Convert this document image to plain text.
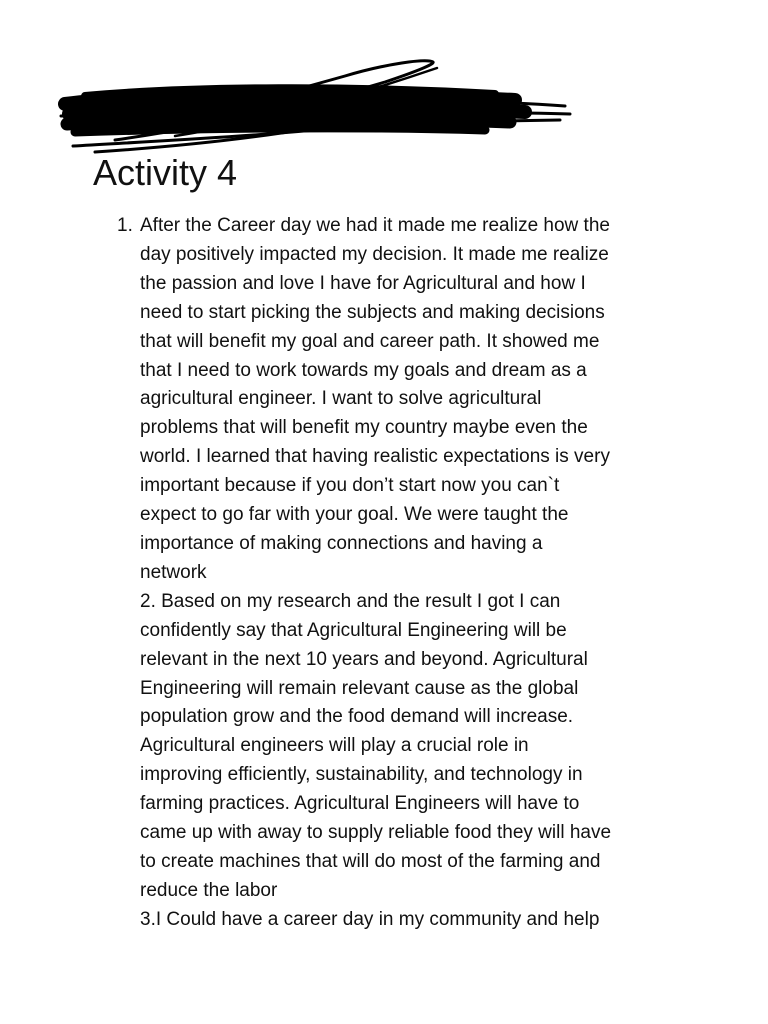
Activity 4
1. After the Career day we had it made me realize how the
day positively impacted my decision. It made me realize
the passion and love I have for Agricultural and how I
need to start picking the subjects and making decisions
that will benefit my goal and career path. It showed me
that I need to work towards my goals and dream as a
agricultural engineer. I want to solve agricultural
problems that will benefit my country maybe even the
world. I learned that having realistic expectations is very
important because if you don’t start now you can`t
expect to go far with your goal. We were taught the
importance of making connections and having a
network
2. Based on my research and the result I got I can
confidently say that Agricultural Engineering will be
relevant in the next 10 years and beyond. Agricultural
Engineering will remain relevant cause as the global
population grow and the food demand will increase.
Agricultural engineers will play a crucial role in
improving efficiently, sustainability, and technology in
farming practices. Agricultural Engineers will have to
came up with away to supply reliable food they will have
to create machines that will do most of the farming and
reduce the labor
3.I Could have a career day in my community and help
